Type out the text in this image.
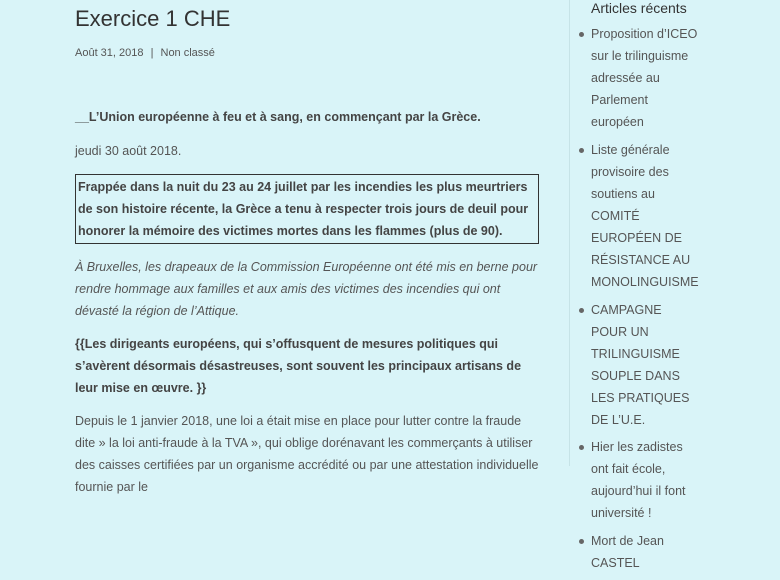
Exercice 1 CHE
Août 31, 2018 | Non classé
__L’Union européenne à feu et à sang, en commençant par la Grèce.
jeudi 30 août 2018.
Frappée dans la nuit du 23 au 24 juillet par les incendies les plus meurtriers de son histoire récente, la Grèce a tenu à respecter trois jours de deuil pour honorer la mémoire des victimes mortes dans les flammes (plus de 90).
À Bruxelles, les drapeaux de la Commission Européenne ont été mis en berne pour rendre hommage aux familles et aux amis des victimes des incendies qui ont dévasté la région de l’Attique.
{{Les dirigeants européens, qui s’offusquent de mesures politiques qui s’avèrent désormais désastreuses, sont souvent les principaux artisans de leur mise en œuvre. }}
Depuis le 1 janvier 2018, une loi a était mise en place pour lutter contre la fraude dite » la loi anti-fraude à la TVA », qui oblige dorénavant les commerçants à utiliser des caisses certifiées par un organisme accrédité ou par une attestation individuelle fournie par le
Articles récents
Proposition d’ICEO sur le trilinguisme adressée au Parlement européen
Liste générale provisoire des soutiens au COMITÉ EUROPÉEN DE RÉSISTANCE AU MONOLINGUISME
CAMPAGNE POUR UN TRILINGUISME SOUPLE DANS LES PRATIQUES DE L’U.E.
Hier les zadistes ont fait école, aujourd’hui il font université !
Mort de Jean CASTEL
